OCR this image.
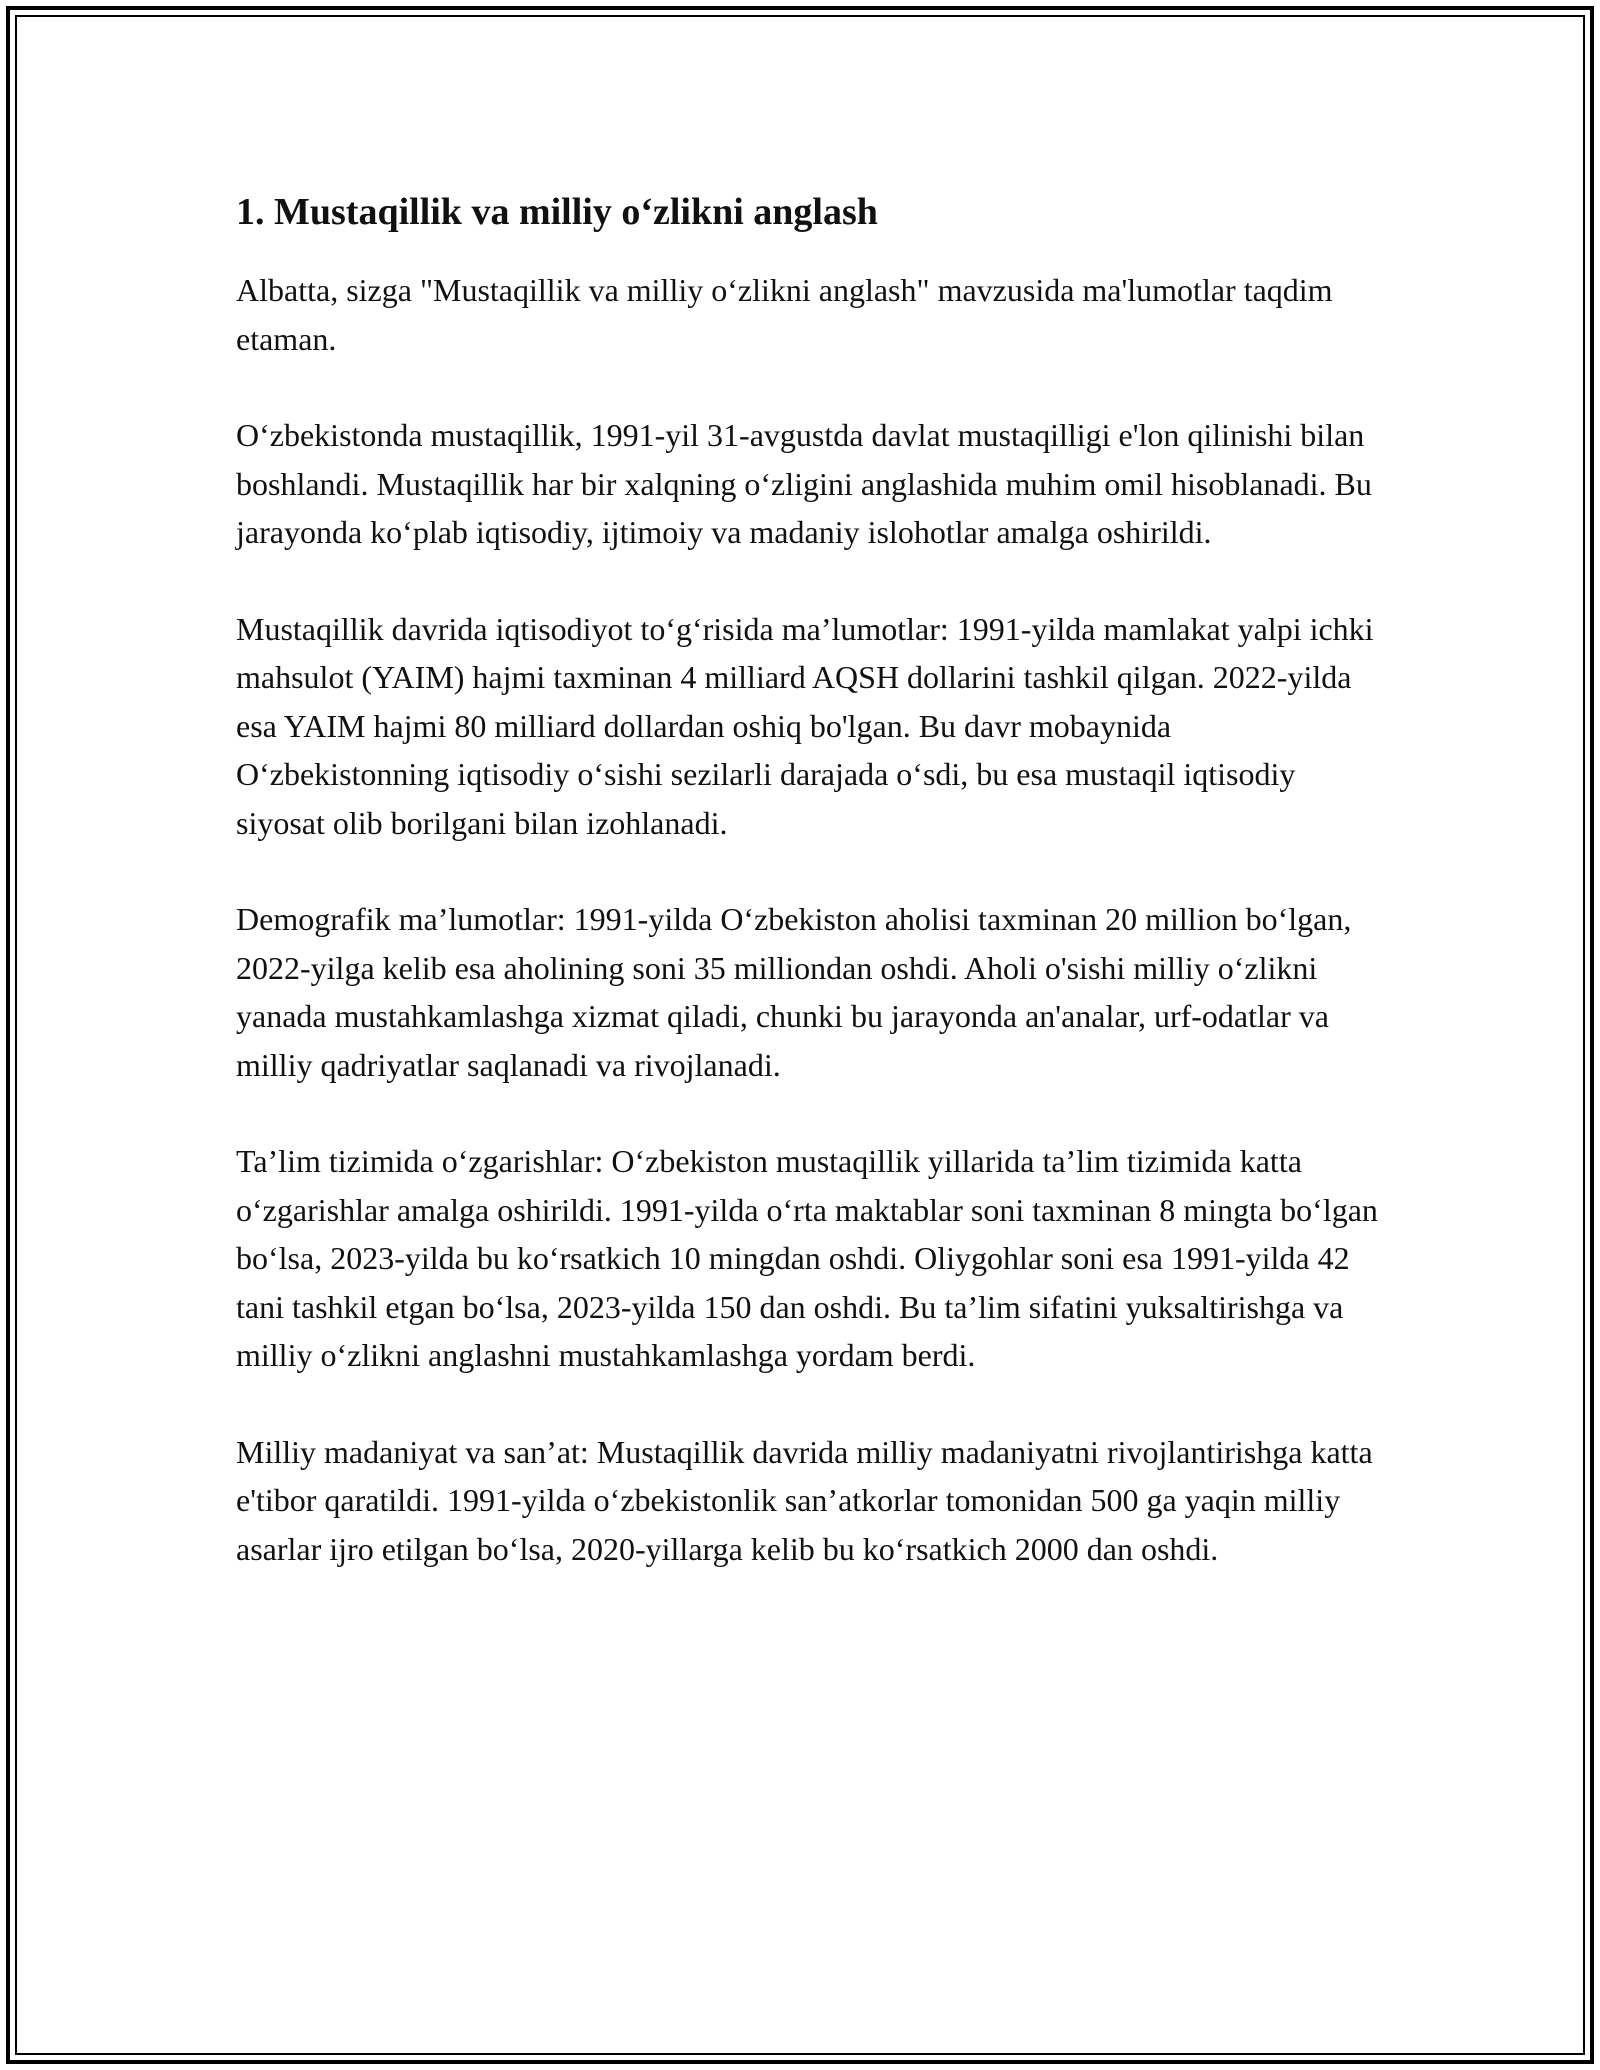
1. Mustaqillik va milliy o‘zlikni anglash

Albatta, sizga "Mustaqillik va milliy o‘zlikni anglash" mavzusida ma'lumotlar taqdim etaman.

O‘zbekistonda mustaqillik, 1991-yil 31-avgustda davlat mustaqilligi e'lon qilinishi bilan boshlandi. Mustaqillik har bir xalqning o‘zligini anglashida muhim omil hisoblanadi. Bu jarayonda ko‘plab iqtisodiy, ijtimoiy va madaniy islohotlar amalga oshirildi.

Mustaqillik davrida iqtisodiyot to‘g‘risida ma’lumotlar: 1991-yilda mamlakat yalpi ichki mahsulot (YAIM) hajmi taxminan 4 milliard AQSH dollarini tashkil qilgan. 2022-yilda esa YAIM hajmi 80 milliard dollardan oshiq bo'lgan. Bu davr mobaynida O‘zbekistonning iqtisodiy o‘sishi sezilarli darajada o‘sdi, bu esa mustaqil iqtisodiy siyosat olib borilgani bilan izohlanadi.

Demografik ma’lumotlar: 1991-yilda O‘zbekiston aholisi taxminan 20 million bo‘lgan, 2022-yilga kelib esa aholining soni 35 milliondan oshdi. Aholi o'sishi milliy o‘zlikni yanada mustahkamlashga xizmat qiladi, chunki bu jarayonda an'analar, urf-odatlar va milliy qadriyatlar saqlanadi va rivojlanadi.

Ta’lim tizimida o‘zgarishlar: O‘zbekiston mustaqillik yillarida ta’lim tizimida katta o‘zgarishlar amalga oshirildi. 1991-yilda o‘rta maktablar soni taxminan 8 mingta bo‘lgan bo‘lsa, 2023-yilda bu ko‘rsatkich 10 mingdan oshdi. Oliygohlar soni esa 1991-yilda 42 tani tashkil etgan bo‘lsa, 2023-yilda 150 dan oshdi. Bu ta’lim sifatini yuksaltirishga va milliy o‘zlikni anglashni mustahkamlashga yordam berdi.

Milliy madaniyat va san’at: Mustaqillik davrida milliy madaniyatni rivojlantirishga katta e'tibor qaratildi. 1991-yilda o‘zbekistonlik san’atkorlar tomonidan 500 ga yaqin milliy asarlar ijro etilgan bo‘lsa, 2020-yillarga kelib bu ko‘rsatkich 2000 dan oshdi.
